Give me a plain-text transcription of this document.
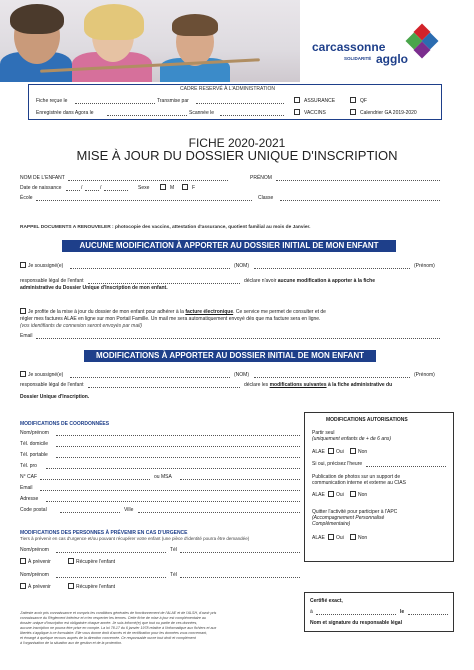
carcassonne
SOLIDARITÉ agglo
CADRE RESERVÉ À L'ADMINISTRATION
Fiche reçue le	Transmise par
Enregistrée dans Agora le	Scannée le
ASSURANCE	QF
VACCINS	Calendrier GA 2019-2020
FICHE 2020-2021
MISE À JOUR DU DOSSIER UNIQUE D'INSCRIPTION
NOM DE L'ENFANT	PRÉNOM
Date de naissance	/	/	Sexe	M	F
École	Classe
RAPPEL DOCUMENTS A RENOUVELER : photocopie des vaccins, attestation d'assurance, quotient familial au mois de Janvier.
AUCUNE MODIFICATION À APPORTER AU DOSSIER INITIAL DE MON ENFANT
Je soussigné(e)	(NOM)	(Prénom)
responsable légal de l'enfant	déclare n'avoir aucune modification à apporter à la fiche
administrative du Dossier Unique d'Inscription de mon enfant.
Je profite de la mise à jour du dossier de mon enfant pour adhérer à la facture électronique. Ce service me permet de consulter et de
régler mes factures ALAE en ligne sur mon Portail Famille. Un mail me sera automatiquement envoyé dès que ma facture sera en ligne.
(vos identifiants de connexion seront envoyés par mail)
Email
MODIFICATIONS À APPORTER AU DOSSIER INITIAL DE MON ENFANT
Je soussigné(e)	(NOM)	(Prénom)
responsable légal de l'enfant	déclare les modifications suivantes à la fiche administrative du
Dossier Unique d'Inscription.
MODIFICATIONS DE COORDONNÉES
Nom/prénom
Tél. domicile
Tél. portable
Tél. pro
N° CAF	ou MSA
Email
Adresse
Code postal	Ville
MODIFICATIONS DES PERSONNES À PRÉVENIR EN CAS D'URGENCE
Tiers à prévenir en cas d'urgence et/ou pouvant récupérer votre enfant (une pièce d'identité pourra être demandée)
Nom/prénom	Tél
À prévenir	Récupère l'enfant
Nom/prénom	Tél
À prévenir	Récupère l'enfant
MODIFICATIONS AUTORISATIONS
Partir seul
(uniquement enfants de + de 6 ans)
ALAE Oui	Non
Si oui, précisez l'heure
Publication de photos sur un support de
communication interne et externe au CIAS
ALAE Oui	Non
Quitter l'activité pour participer à l'APC
(Accompagnement Personnalisé
Complémentaire)
ALAE Oui	Non
Certifié exact,
à	le
Nom et signature du responsable légal
J'atteste avoir pris connaissance et compris les conditions générales de fonctionnement de l'ALAE et de l'ALSH, d'avoir pris
connaissance du Règlement Intérieur et m'en respecter les termes. Cette fiche de mise à jour est complémentaire au
dossier unique d'inscription est obligatoire chaque année. Je suis informé(e) que tout ou partie de ces données,
aucune inscription ne pourra être prise en compte. La loi 78-17 du 6 janvier 1978 relative à l'informatique aux fichiers et aux
libertés s'applique à ce formulaire. Elle vous donne droit d'accès et de rectification pour les données vous concernant,
et émargé à quelque recours auprès de la direction concernée. Ce responsable ouvre tout droit et complément
à l'organisation de la situation aux de gestion et de la protection.
